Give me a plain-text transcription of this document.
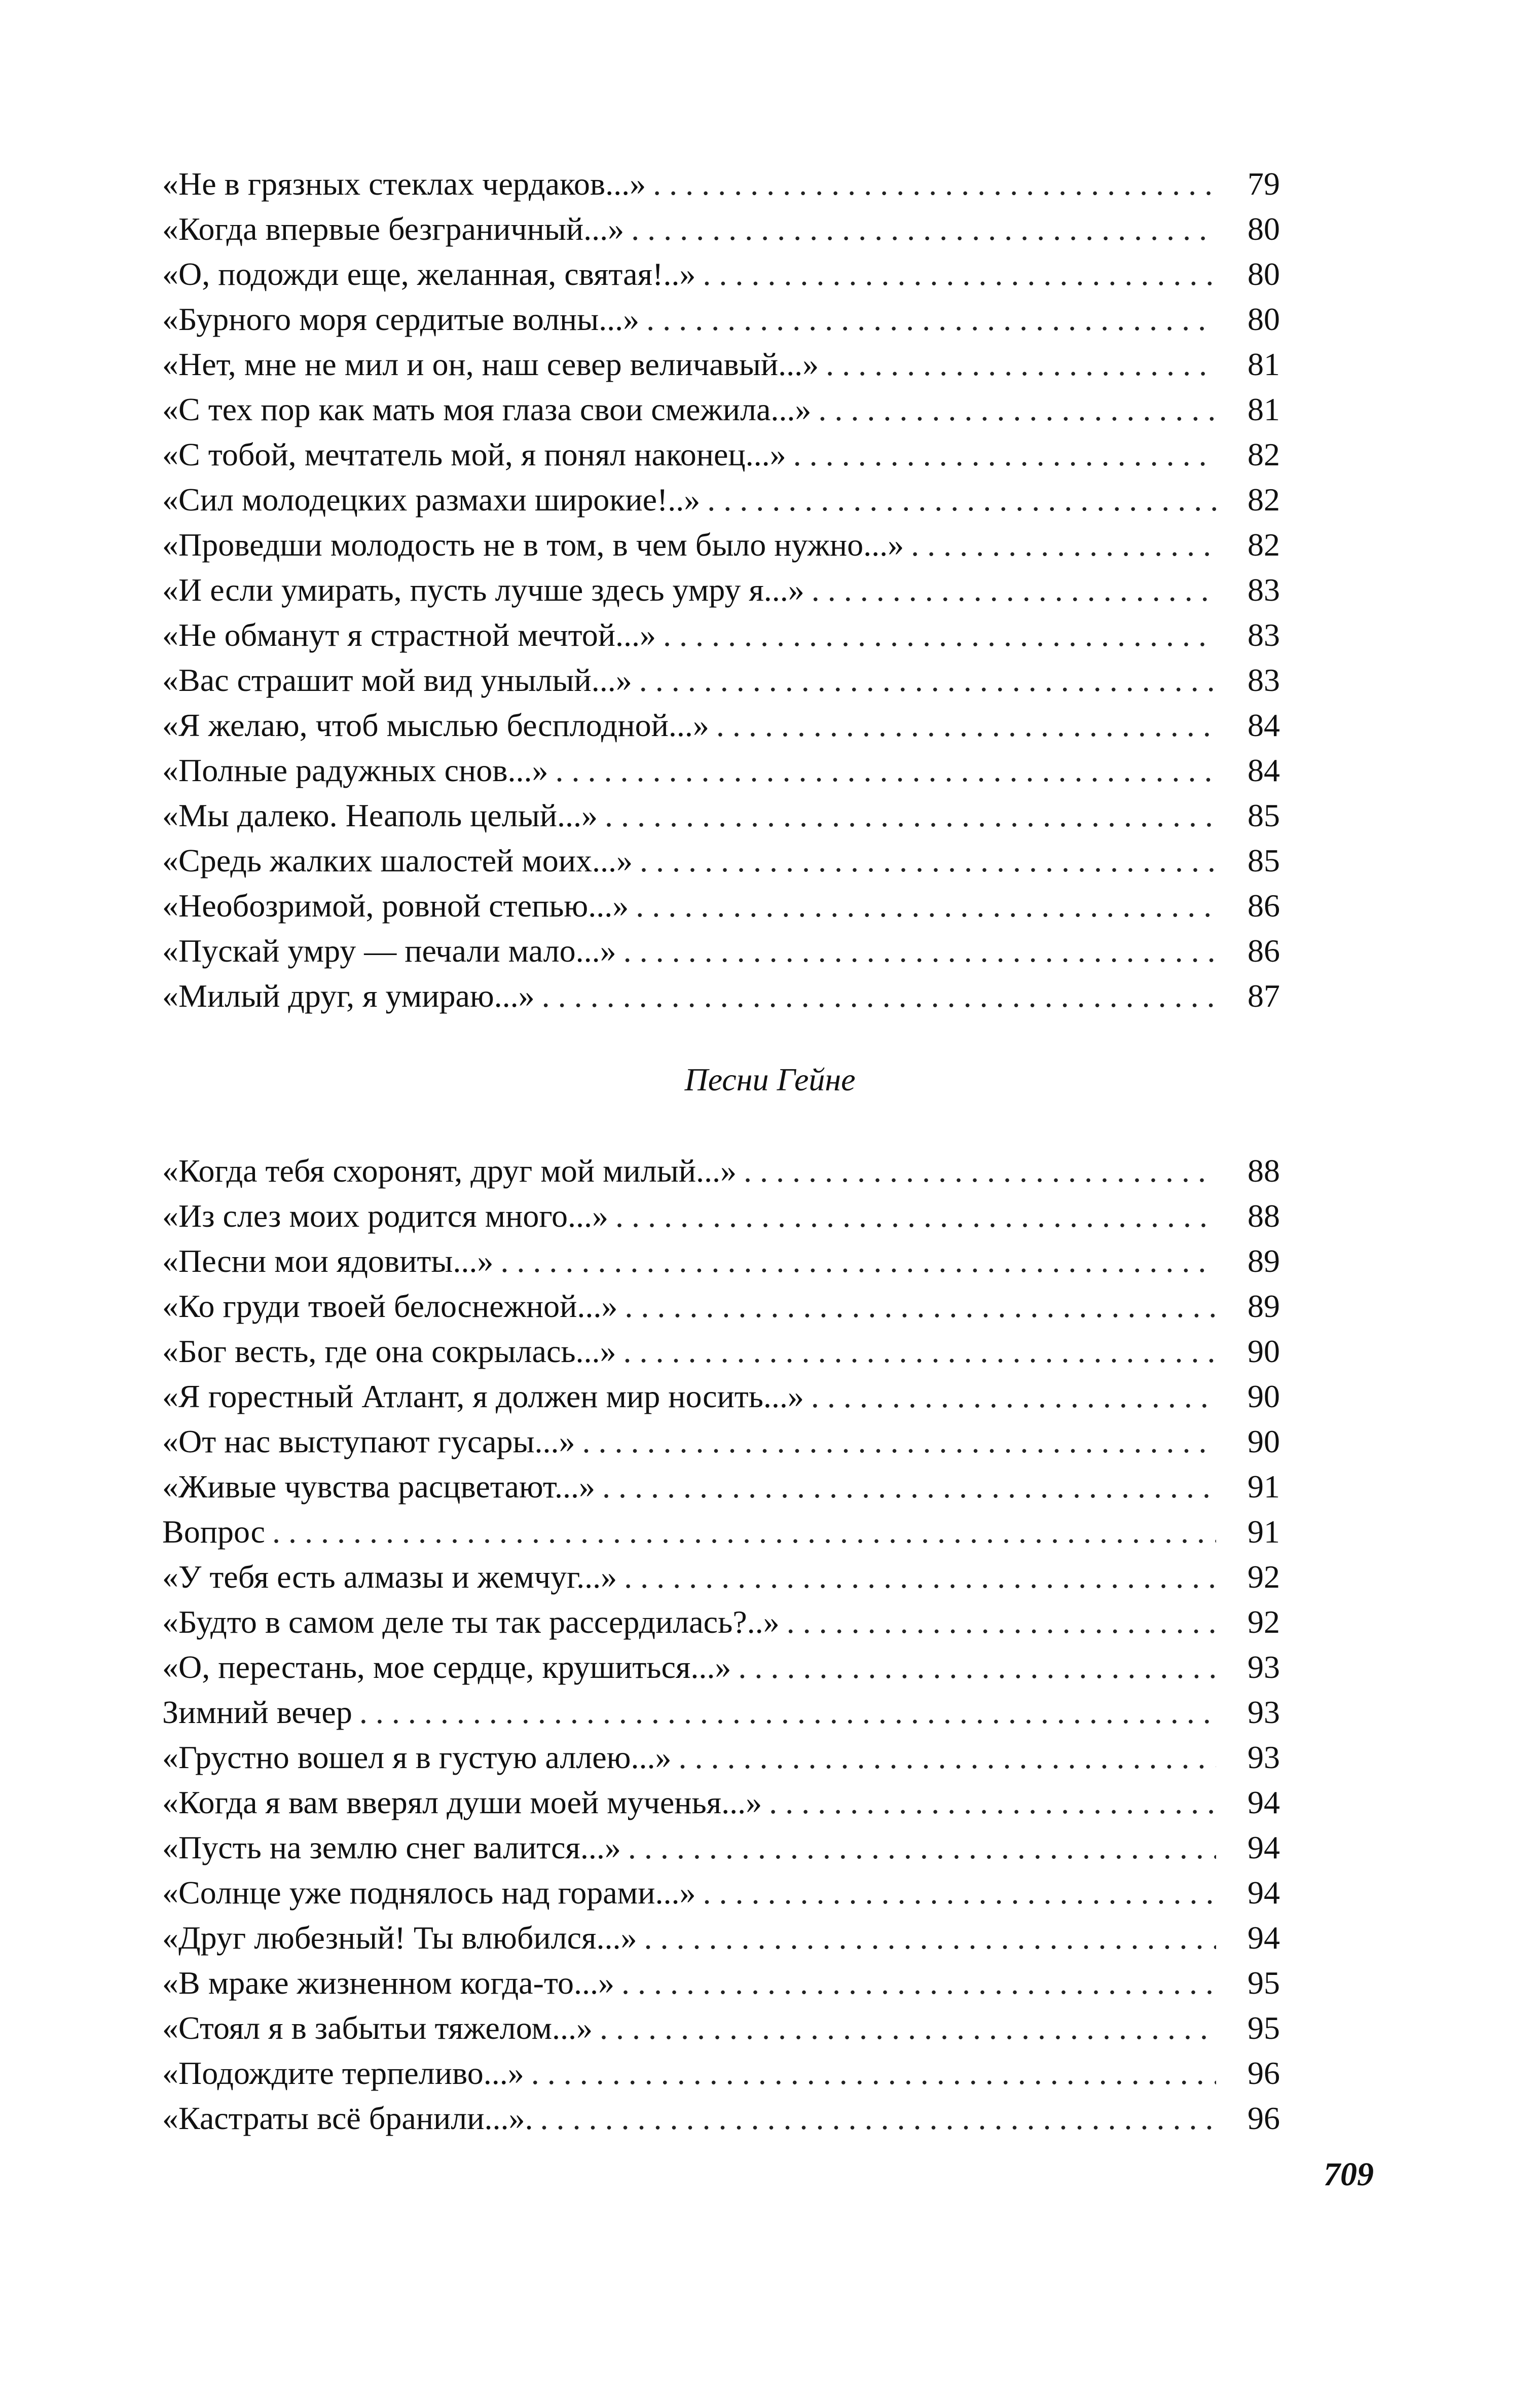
«Не в грязных стеклах чердаков...» . . .	79
«Когда впервые безграничный...» . . .	80
«О, подожди еще, желанная, святая!..» . . .	80
«Бурного моря сердитые волны...» . . .	80
«Нет, мне не мил и он, наш север величавый...» . . .	81
«С тех пор как мать моя глаза свои смежила...» . . .	81
«С тобой, мечтатель мой, я понял наконец...» . . .	82
«Сил молодецких размахи широкие!..» . . .	82
«Проведши молодость не в том, в чем было нужно...» . . .	82
«И если умирать, пусть лучше здесь умру я...» . . .	83
«Не обманут я страстной мечтой...» . . .	83
«Вас страшит мой вид унылый...» . . .	83
«Я желаю, чтоб мыслью бесплодной...» . . .	84
«Полные радужных снов...» . . .	84
«Мы далеко. Неаполь целый...» . . .	85
«Средь жалких шалостей моих...» . . .	85
«Необозримой, ровной степью...» . . .	86
«Пускай умру — печали мало...» . . .	86
«Милый друг, я умираю...» . . .	87
Песни Гейне
«Когда тебя схоронят, друг мой милый...» . . .	88
«Из слез моих родится много...» . . .	88
«Песни мои ядовиты...» . . .	89
«Ко груди твоей белоснежной...» . . .	89
«Бог весть, где она сокрылась...» . . .	90
«Я горестный Атлант, я должен мир носить...» . . .	90
«От нас выступают гусары...» . . .	90
«Живые чувства расцветают...» . . .	91
Вопрос . . .	91
«У тебя есть алмазы и жемчуг...» . . .	92
«Будто в самом деле ты так рассердилась?..» . . .	92
«О, перестань, мое сердце, крушиться...» . . .	93
Зимний вечер . . .	93
«Грустно вошел я в густую аллею...» . . .	93
«Когда я вам вверял души моей мученья...» . . .	94
«Пусть на землю снег валится...» . . .	94
«Солнце уже поднялось над горами...» . . .	94
«Друг любезный! Ты влюбился...» . . .	94
«В мраке жизненном когда-то...» . . .	95
«Стоял я в забытьи тяжелом...» . . .	95
«Подождите терпеливо...» . . .	96
«Кастраты всё бранили...». . . .	96
709
